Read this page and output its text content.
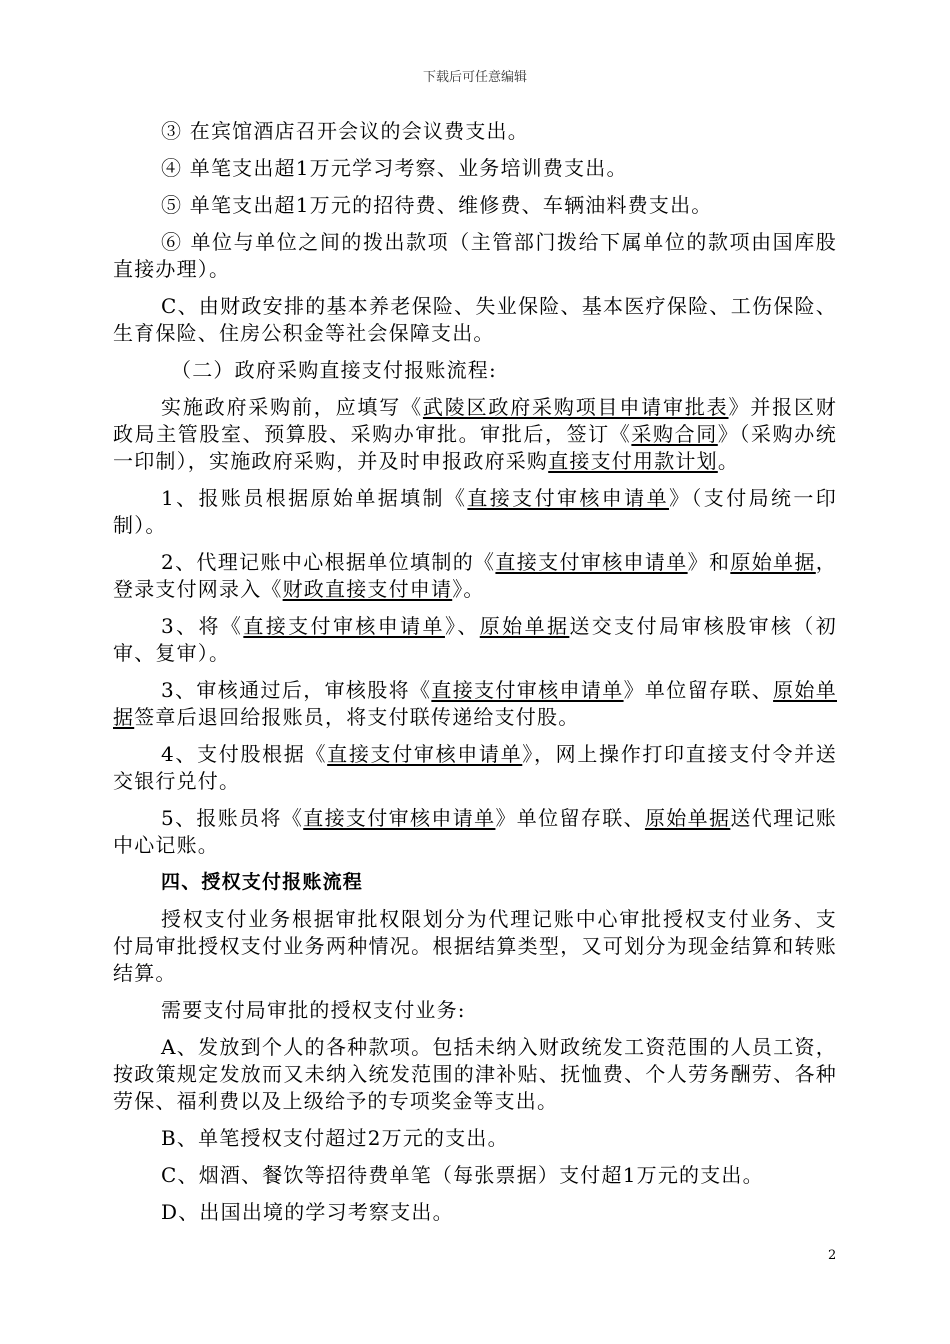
下载后可任意编辑

③ 在宾馆酒店召开会议的会议费支出。

④ 单笔支出超1万元学习考察、业务培训费支出。

⑤ 单笔支出超1万元的招待费、维修费、车辆油料费支出。

⑥ 单位与单位之间的拨出款项（主管部门拨给下属单位的款项由国库股直接办理）。

C、由财政安排的基本养老保险、失业保险、基本医疗保险、工伤保险、生育保险、住房公积金等社会保障支出。

（二）政府采购直接支付报账流程:

实施政府采购前，应填写《武陵区政府采购项目申请审批表》并报区财政局主管股室、预算股、采购办审批。审批后，签订《采购合同》（采购办统一印制），实施政府采购，并及时申报政府采购直接支付用款计划。

1、报账员根据原始单据填制《直接支付审核申请单》（支付局统一印制）。

2、代理记账中心根据单位填制的《直接支付审核申请单》和原始单据，登录支付网录入《财政直接支付申请》。

3、将《直接支付审核申请单》、原始单据送交支付局审核股审核（初审、复审）。

3、审核通过后，审核股将《直接支付审核申请单》单位留存联、原始单据签章后退回给报账员，将支付联传递给支付股。

4、支付股根据《直接支付审核申请单》，网上操作打印直接支付令并送交银行兑付。

5、报账员将《直接支付审核申请单》单位留存联、原始单据送代理记账中心记账。

四、授权支付报账流程

授权支付业务根据审批权限划分为代理记账中心审批授权支付业务、支付局审批授权支付业务两种情况。根据结算类型，又可划分为现金结算和转账结算。

需要支付局审批的授权支付业务:

A、发放到个人的各种款项。包括未纳入财政统发工资范围的人员工资，按政策规定发放而又未纳入统发范围的津补贴、抚恤费、个人劳务酬劳、各种劳保、福利费以及上级给予的专项奖金等支出。

B、单笔授权支付超过2万元的支出。

C、烟酒、餐饮等招待费单笔（每张票据）支付超1万元的支出。

D、出国出境的学习考察支出。

2
